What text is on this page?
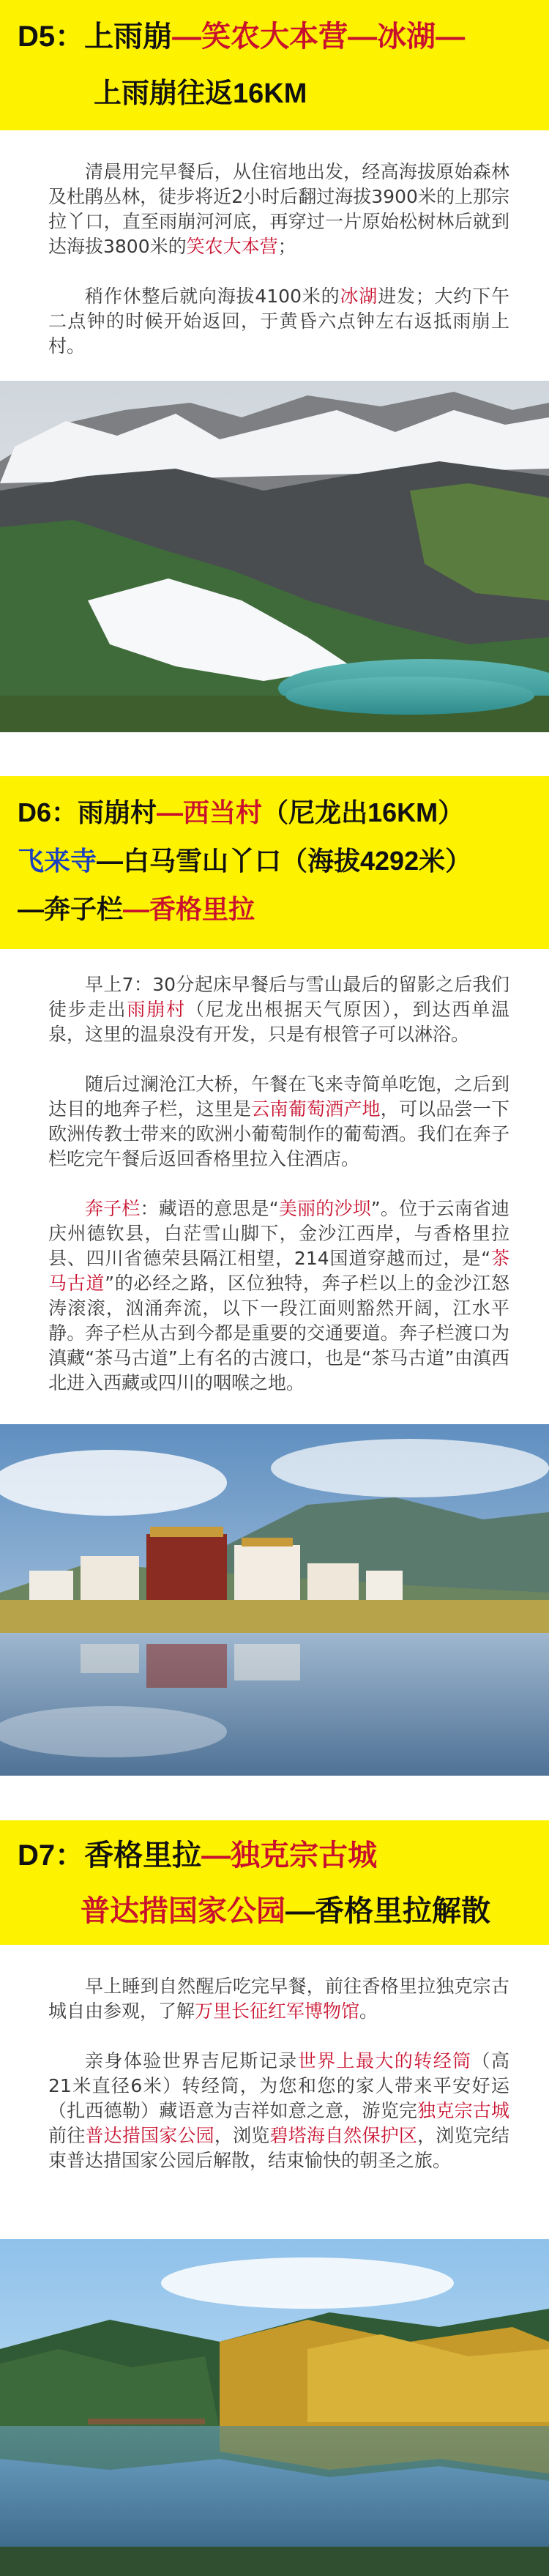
D5：上雨崩—笑农大本营—冰湖—
上雨崩往返16KM

清晨用完早餐后，从住宿地出发，经高海拔原始森林及杜鹃丛林，徒步将近2小时后翻过海拔3900米的上那宗拉丫口，直至雨崩河河底，再穿过一片原始松树林后就到达海拔3800米的笑农大本营；

稍作休整后就向海拔4100米的冰湖进发；大约下午二点钟的时候开始返回，于黄昏六点钟左右返抵雨崩上村。

D6：雨崩村—西当村（尼龙出16KM）
飞来寺—白马雪山丫口（海拔4292米）
—奔子栏—香格里拉

早上7：30分起床早餐后与雪山最后的留影之后我们徒步走出雨崩村（尼龙出根据天气原因），到达西单温泉，这里的温泉没有开发，只是有根管子可以淋浴。

随后过澜沧江大桥，午餐在飞来寺简单吃饱，之后到达目的地奔子栏，这里是云南葡萄酒产地，可以品尝一下欧洲传教士带来的欧洲小葡萄制作的葡萄酒。我们在奔子栏吃完午餐后返回香格里拉入住酒店。

奔子栏：藏语的意思是“美丽的沙坝”。位于云南省迪庆州德钦县，白茫雪山脚下，金沙江西岸，与香格里拉县、四川省德荣县隔江相望，214国道穿越而过，是“茶马古道”的必经之路，区位独特，奔子栏以上的金沙江怒涛滚滚，汹涌奔流，以下一段江面则豁然开阔，江水平静。奔子栏从古到今都是重要的交通要道。奔子栏渡口为滇藏“茶马古道”上有名的古渡口，也是“茶马古道”由滇西北进入西藏或四川的咽喉之地。

D7：香格里拉—独克宗古城
普达措国家公园—香格里拉解散

早上睡到自然醒后吃完早餐，前往香格里拉独克宗古城自由参观，了解万里长征红军博物馆。

亲身体验世界吉尼斯记录世界上最大的转经筒（高21米直径6米）转经筒，为您和您的家人带来平安好运（扎西德勒）藏语意为吉祥如意之意，游览完独克宗古城前往普达措国家公园，浏览碧塔海自然保护区，浏览完结束普达措国家公园后解散，结束愉快的朝圣之旅。
